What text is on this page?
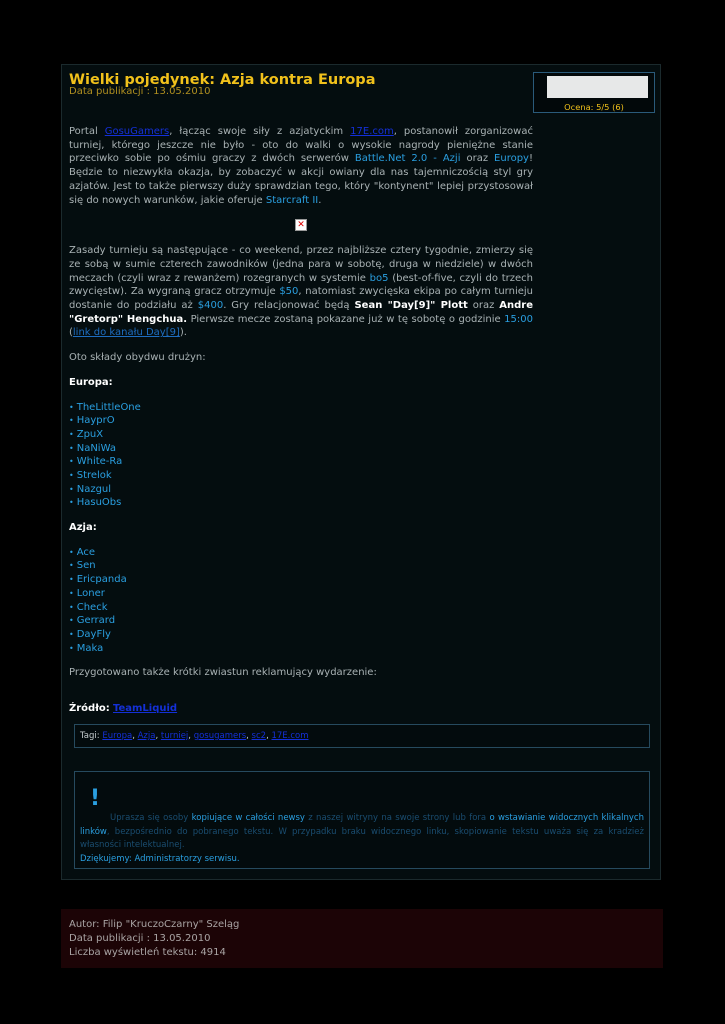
Wielki pojedynek: Azja kontra Europa
Data publikacji : 13.05.2010
Ocena: 5/5 (6)

Portal GosuGamers, łącząc swoje siły z azjatyckim 17E.com, postanowił zorganizować turniej, którego jeszcze nie było - oto do walki o wysokie nagrody pieniężne stanie przeciwko sobie po ośmiu graczy z dwóch serwerów Battle.Net 2.0 - Azji oraz Europy! Będzie to niezwykła okazja, by zobaczyć w akcji owiany dla nas tajemniczością styl gry azjatów. Jest to także pierwszy duży sprawdzian tego, który "kontynent" lepiej przystosował się do nowych warunków, jakie oferuje Starcraft II.

✕

Zasady turnieju są następujące - co weekend, przez najbliższe cztery tygodnie, zmierzy się ze sobą w sumie czterech zawodników (jedna para w sobotę, druga w niedziele) w dwóch meczach (czyli wraz z rewanżem) rozegranych w systemie bo5 (best-of-five, czyli do trzech zwycięstw). Za wygraną gracz otrzymuje $50, natomiast zwycięska ekipa po całym turnieju dostanie do podziału aż $400. Gry relacjonować będą Sean "Day[9]" Plott oraz Andre "Gretorp" Hengchua. Pierwsze mecze zostaną pokazane już w tę sobotę o godzinie 15:00 (link do kanału Day[9]).

Oto składy obydwu drużyn:

Europa:

• TheLittleOne
• HayprO
• ZpuX
• NaNiWa
• White-Ra
• Strelok
• Nazgul
• HasuObs

Azja:

• Ace
• Sen
• Ericpanda
• Loner
• Check
• Gerrard
• DayFly
• Maka

Przygotowano także krótki zwiastun reklamujący wydarzenie:

Źródło: TeamLiquid

Tagi: Europa, Azja, turniej, gosugamers, sc2, 17E.com
!
Uprasza się osoby kopiujące w całości newsy z naszej witryny na swoje strony lub fora o wstawianie widocznych klikalnych linków, bezpośrednio do pobranego tekstu. W przypadku braku widocznego linku, skopiowanie tekstu uważa się za kradzież własności intelektualnej.
Dziękujemy: Administratorzy serwisu.
Autor: Filip "KruczoCzarny" Szeląg
Data publikacji : 13.05.2010
Liczba wyświetleń tekstu: 4914
